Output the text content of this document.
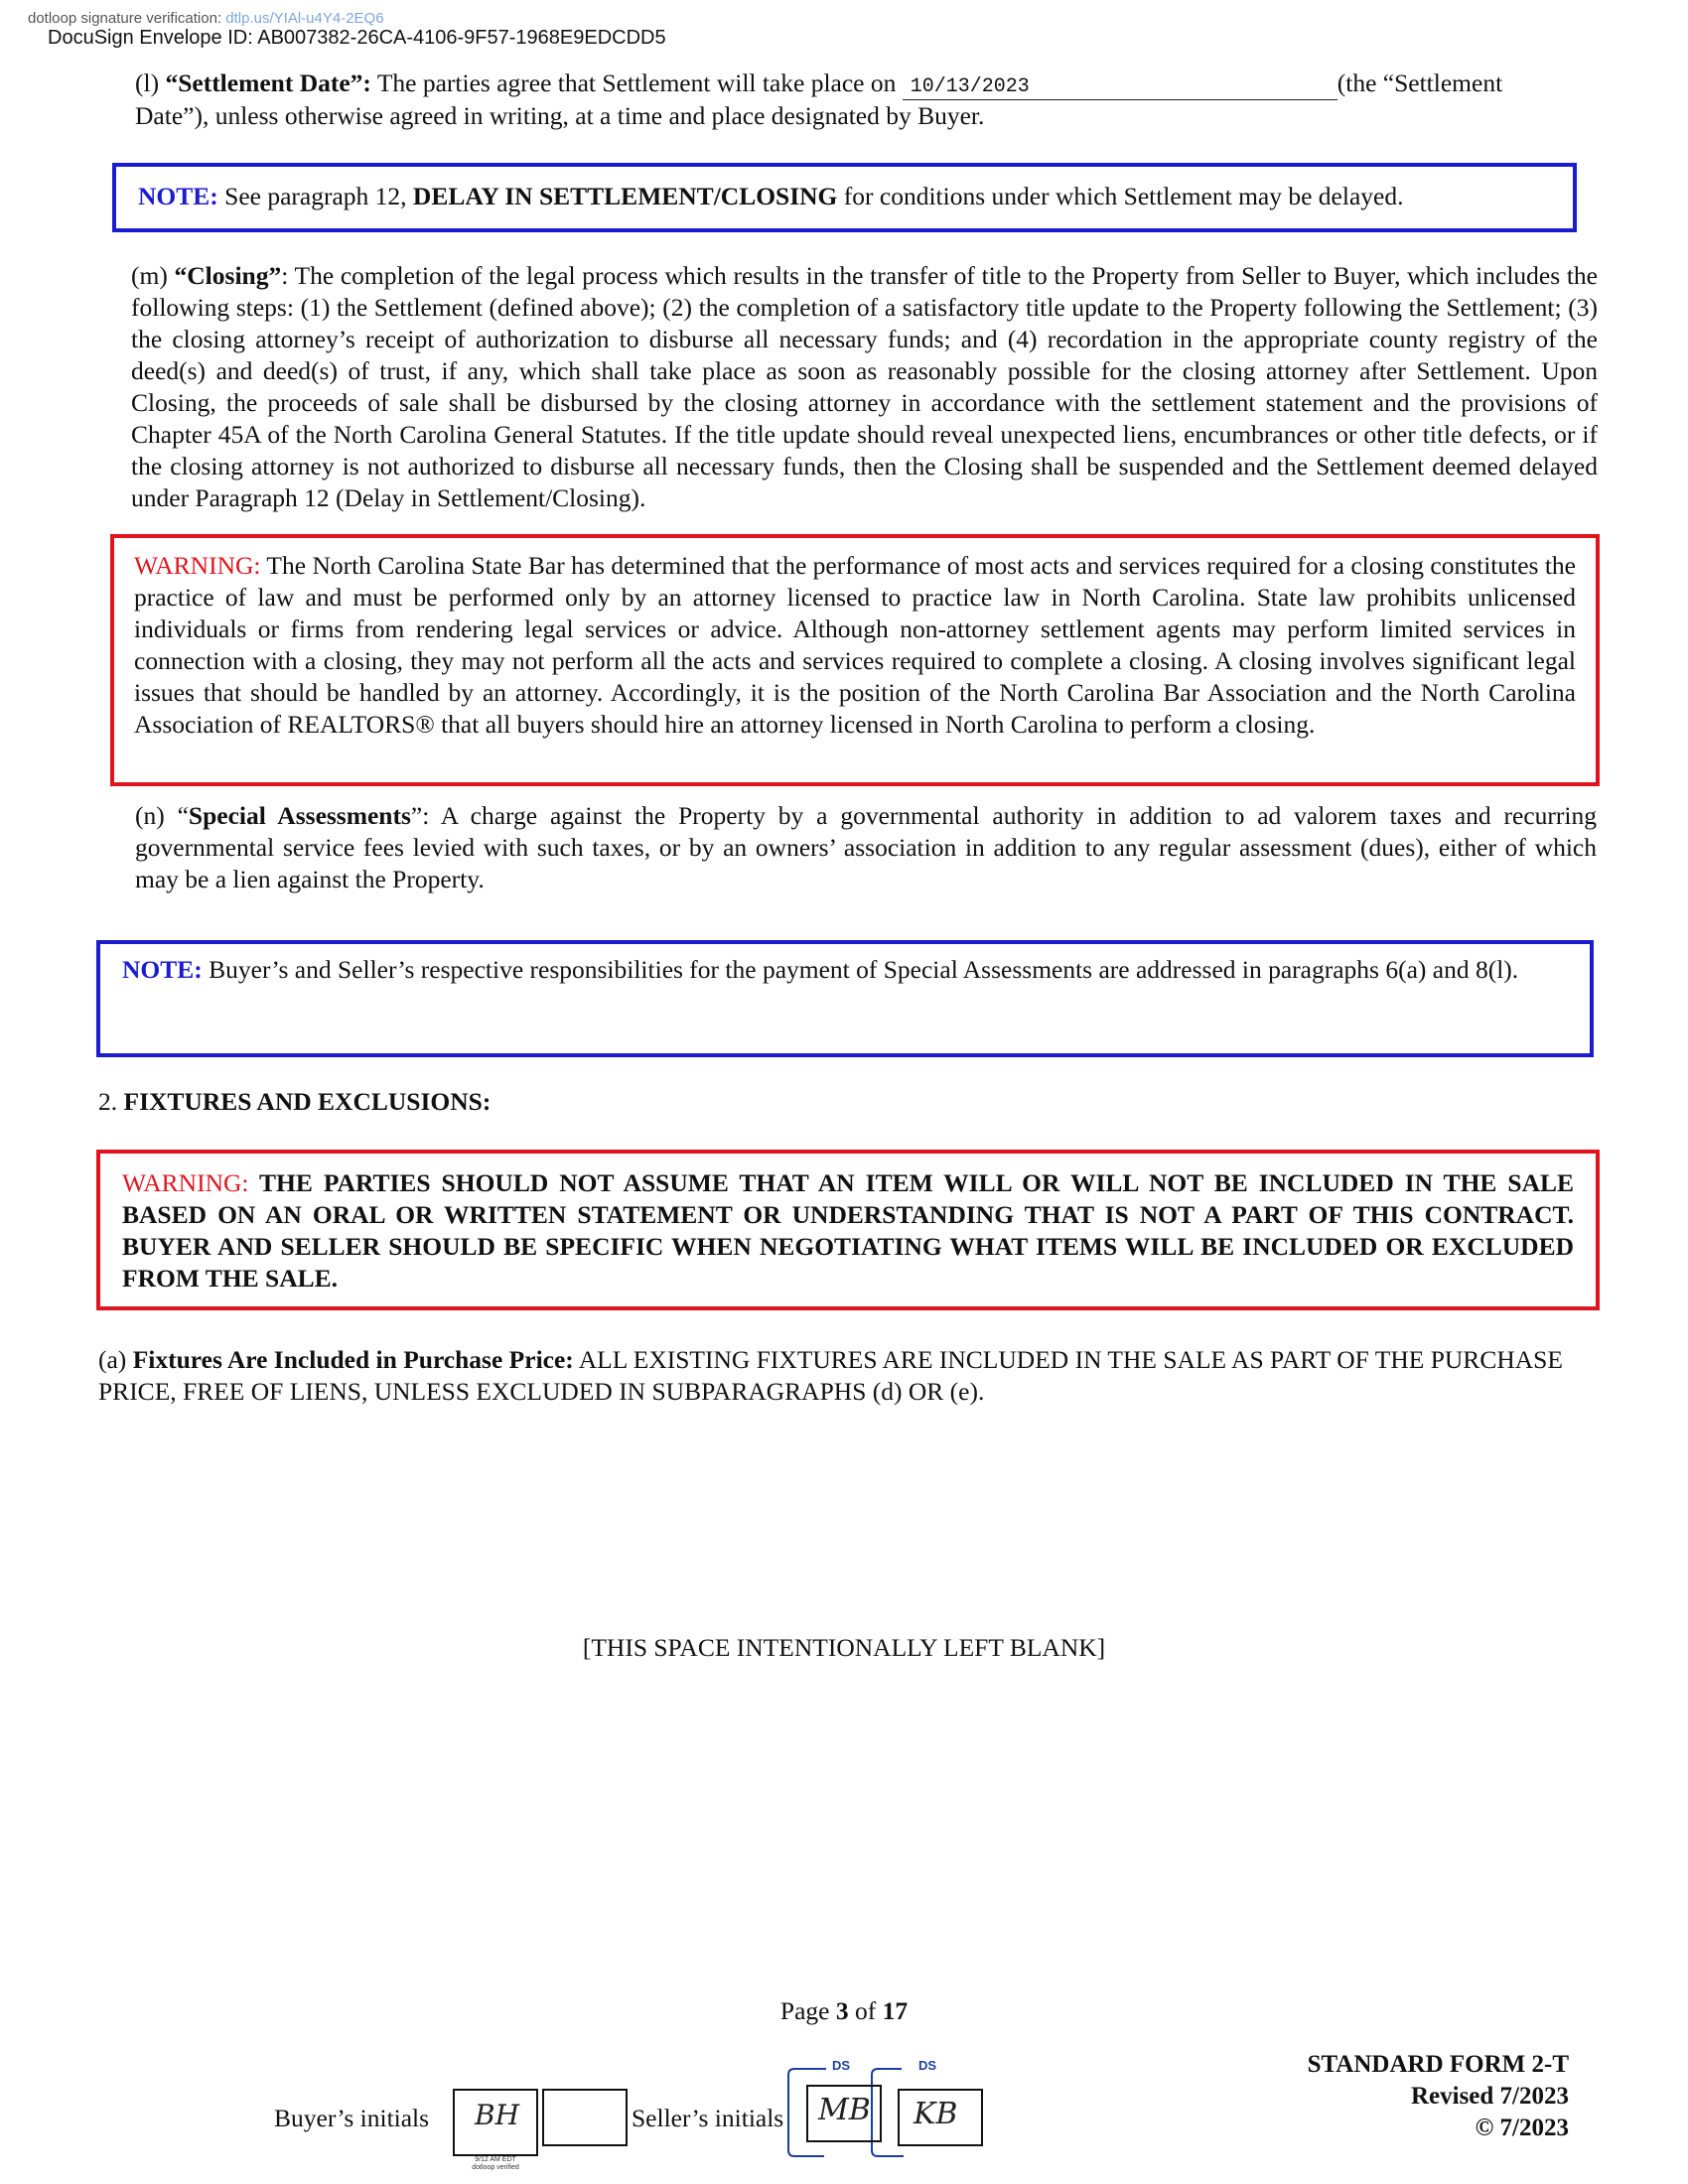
dotloop signature verification: dtlp.us/YIAl-u4Y4-2EQ6
DocuSign Envelope ID: AB007382-26CA-4106-9F57-1968E9EDCDD5

(l) “Settlement Date”: The parties agree that Settlement will take place on 10/13/2023	(the “Settlement
Date”), unless otherwise agreed in writing, at a time and place designated by Buyer.

NOTE: See paragraph 12, DELAY IN SETTLEMENT/CLOSING for conditions under which Settlement may be delayed.

(m) “Closing”: The completion of the legal process which results in the transfer of title to the Property from Seller to Buyer, which includes the following steps: (1) the Settlement (defined above); (2) the completion of a satisfactory title update to the Property following the Settlement; (3) the closing attorney’s receipt of authorization to disburse all necessary funds; and (4) recordation in the appropriate county registry of the deed(s) and deed(s) of trust, if any, which shall take place as soon as reasonably possible for the closing attorney after Settlement. Upon Closing, the proceeds of sale shall be disbursed by the closing attorney in accordance with the settlement statement and the provisions of Chapter 45A of the North Carolina General Statutes. If the title update should reveal unexpected liens, encumbrances or other title defects, or if the closing attorney is not authorized to disburse all necessary funds, then the Closing shall be suspended and the Settlement deemed delayed under Paragraph 12 (Delay in Settlement/Closing).

WARNING: The North Carolina State Bar has determined that the performance of most acts and services required for a closing constitutes the practice of law and must be performed only by an attorney licensed to practice law in North Carolina. State law prohibits unlicensed individuals or firms from rendering legal services or advice. Although non-attorney settlement agents may perform limited services in connection with a closing, they may not perform all the acts and services required to complete a closing. A closing involves significant legal issues that should be handled by an attorney. Accordingly, it is the position of the North Carolina Bar Association and the North Carolina Association of REALTORS® that all buyers should hire an attorney licensed in North Carolina to perform a closing.

(n) “Special Assessments”: A charge against the Property by a governmental authority in addition to ad valorem taxes and recurring governmental service fees levied with such taxes, or by an owners’ association in addition to any regular assessment (dues), either of which may be a lien against the Property.

NOTE: Buyer’s and Seller’s respective responsibilities for the payment of Special Assessments are addressed in paragraphs 6(a) and 8(l).
2. FIXTURES AND EXCLUSIONS:
WARNING: THE PARTIES SHOULD NOT ASSUME THAT AN ITEM WILL OR WILL NOT BE INCLUDED IN THE SALE BASED ON AN ORAL OR WRITTEN STATEMENT OR UNDERSTANDING THAT IS NOT A PART OF THIS CONTRACT. BUYER AND SELLER SHOULD BE SPECIFIC WHEN NEGOTIATING WHAT ITEMS WILL BE INCLUDED OR EXCLUDED FROM THE SALE.

(a) Fixtures Are Included in Purchase Price: ALL EXISTING FIXTURES ARE INCLUDED IN THE SALE AS PART OF THE PURCHASE PRICE, FREE OF LIENS, UNLESS EXCLUDED IN SUBPARAGRAPHS (d) OR (e).

[THIS SPACE INTENTIONALLY LEFT BLANK]
Page 3 of 17
Buyer’s initials BH
9/12 AM EDT
dotloop verified
Seller’s initials
DS	DS
MB KB
STANDARD FORM 2-T
Revised 7/2023
© 7/2023
